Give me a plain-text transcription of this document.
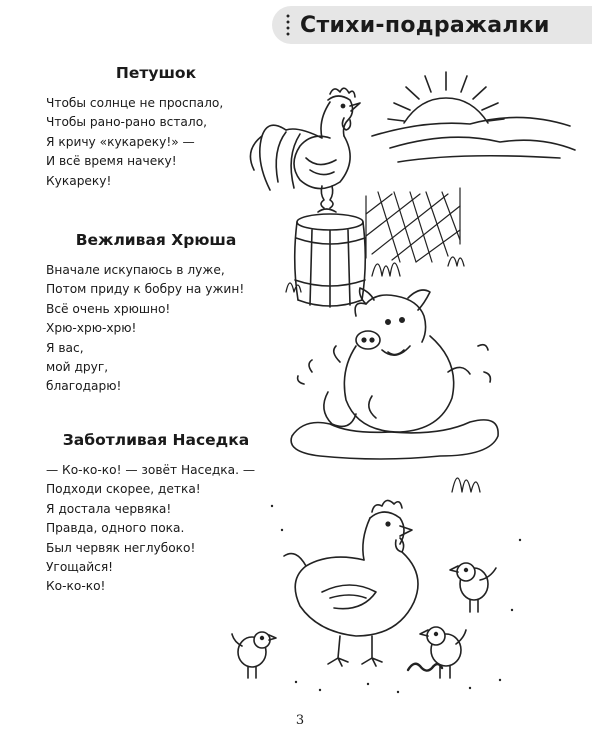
Стихи-подражалки
Петушок
Чтобы солнце не проспало,
Чтобы рано-рано встало,
Я кричу «кукареку!» —
И всё время начеку!
Кукареку!
Вежливая Хрюша
Вначале искупаюсь в луже,
Потом приду к бобру на ужин!
Всё очень хрюшно!
Хрю-хрю-хрю!
Я вас,
мой друг,
благодарю!
Заботливая Наседка
— Ко-ко-ко! — зовёт Наседка. —
Подходи скорее, детка!
Я достала червяка!
Правда, одного пока.
Был червяк неглубоко!
Угощайся!
Ко-ко-ко!
3
